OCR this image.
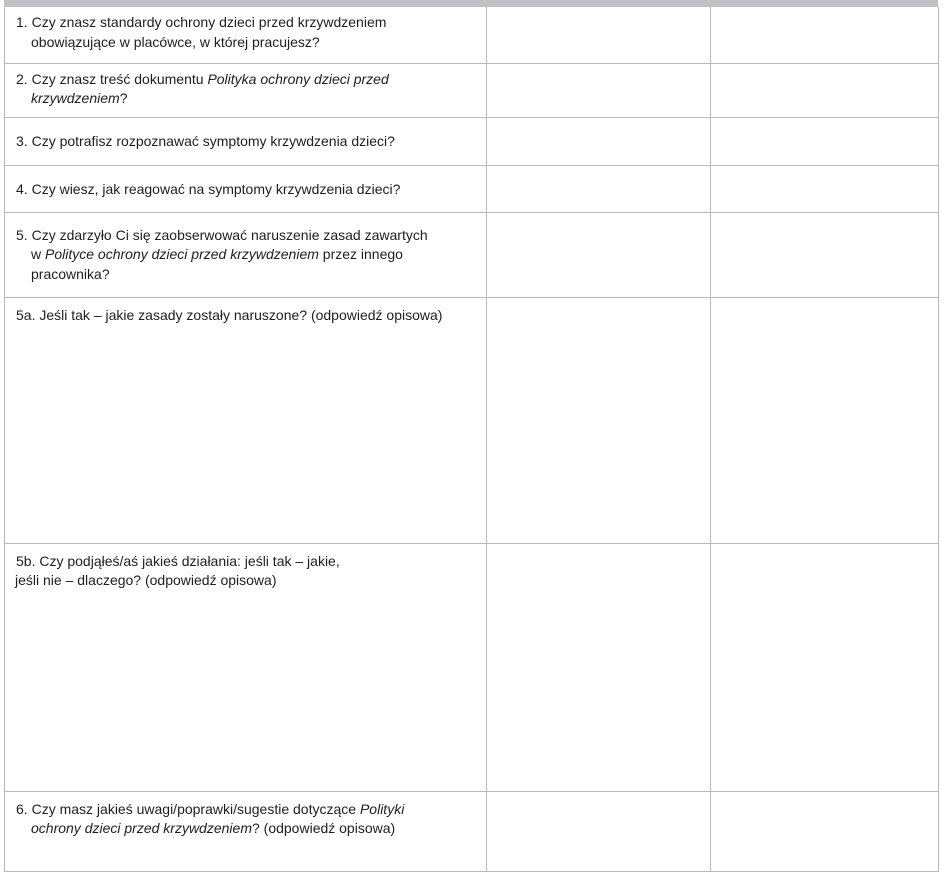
1. Czy znasz standardy ochrony dzieci przed krzywdzeniem
obowiązujące w placówce, w której pracujesz?		

2. Czy znasz treść dokumentu Polityka ochrony dzieci przed
krzywdzeniem?		

3. Czy potrafisz rozpoznawać symptomy krzywdzenia dzieci?		

4. Czy wiesz, jak reagować na symptomy krzywdzenia dzieci?		

5. Czy zdarzyło Ci się zaobserwować naruszenie zasad zawartych
w Polityce ochrony dzieci przed krzywdzeniem przez innego
pracownika?		

5a. Jeśli tak – jakie zasady zostały naruszone? (odpowiedź opisowa)		

5b. Czy podjąłeś/aś jakieś działania: jeśli tak – jakie,
jeśli nie – dlaczego? (odpowiedź opisowa)		

6. Czy masz jakieś uwagi/poprawki/sugestie dotyczące Polityki
ochrony dzieci przed krzywdzeniem? (odpowiedź opisowa)		
